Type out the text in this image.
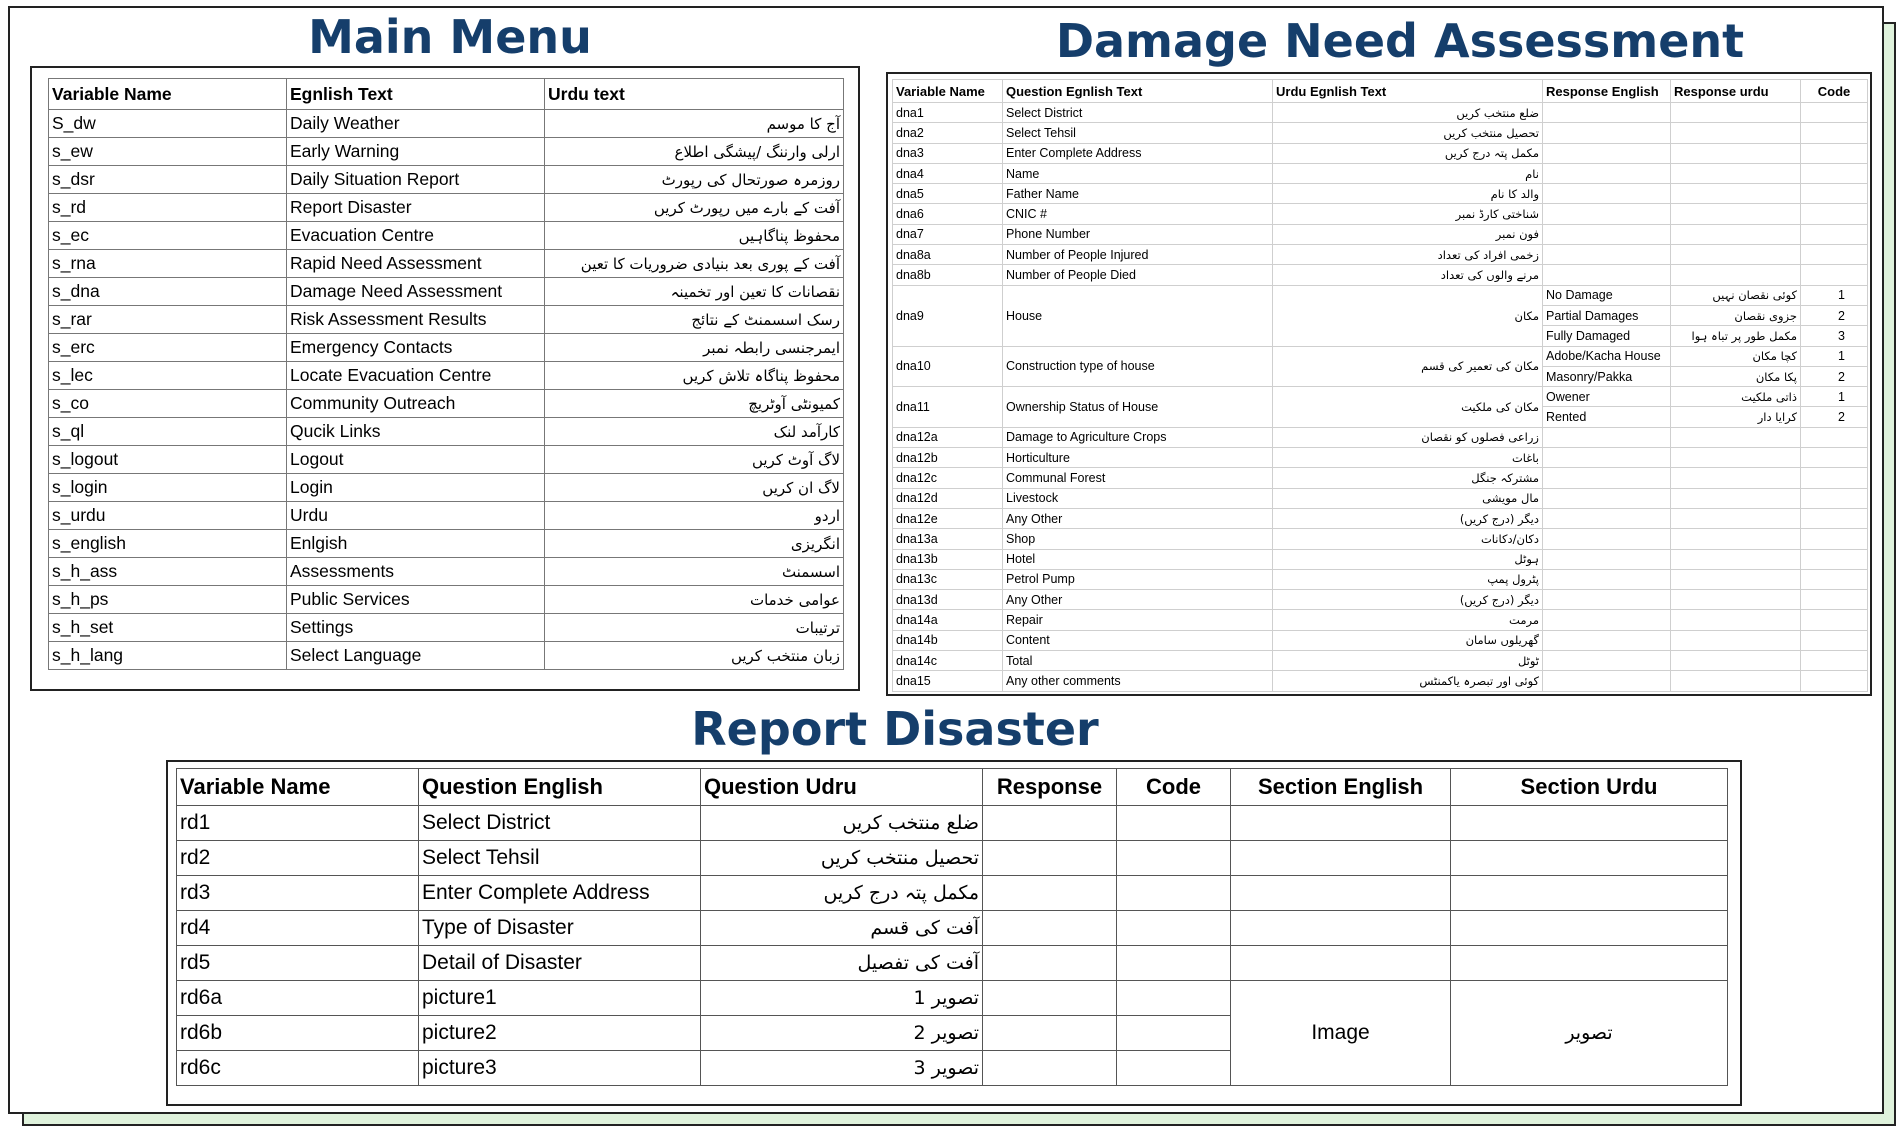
Main Menu
Variable Name	Egnlish Text	Urdu text
S_dw	Daily Weather	آج کا موسم
s_ew	Early Warning	ارلی وارننگ /پیشگی اطلاع
s_dsr	Daily Situation Report	روزمرہ صورتحال کی رپورٹ
s_rd	Report Disaster	آفت کے بارے میں رپورٹ کریں
s_ec	Evacuation Centre	محفوظ پناگاہیں
s_rna	Rapid Need Assessment	آفت کے پوری بعد بنیادی ضروریات کا تعین
s_dna	Damage Need Assessment	نقصانات کا تعین اور تخمینہ
s_rar	Risk Assessment Results	رسک اسسمنٹ کے نتائج
s_erc	Emergency Contacts	ایمرجنسی رابطہ نمبر
s_lec	Locate Evacuation Centre	محفوظ پناگاہ تلاش کریں
s_co	Community Outreach	کمیونٹی آوٹریچ
s_ql	Qucik Links	کارآمد لنک
s_logout	Logout	لاگ آوٹ کریں
s_login	Login	لاگ ان کریں
s_urdu	Urdu	اردو
s_english	Enlgish	انگریزی
s_h_ass	Assessments	اسسمنٹ
s_h_ps	Public Services	عوامی خدمات
s_h_set	Settings	ترتیبات
s_h_lang	Select Language	زبان منتخب کریں
Damage Need Assessment
Variable Name	Question Egnlish Text	Urdu Egnlish Text	Response English	Response urdu	Code
dna1	Select District	ضلع منتخب کریں			
dna2	Select Tehsil	تحصیل منتخب کریں			
dna3	Enter Complete Address	مکمل پتہ درج کریں			
dna4	Name	نام			
dna5	Father Name	والد کا نام			
dna6	CNIC #	شناختی کارڈ نمبر			
dna7	Phone Number	فون نمبر			
dna8a	Number of People Injured	زخمی افراد کی تعداد			
dna8b	Number of People Died	مرنے والوں کی تعداد			
dna9	House	مکان	No Damage	کوئی نقصان نہیں	1
			Partial Damages	جزوی نقصان	2
			Fully Damaged	مکمل طور پر تباہ ہوا	3
dna10	Construction type of house	مکان کی تعمیر کی قسم	Adobe/Kacha House	کچا مکان	1
			Masonry/Pakka	پکا مکان	2
dna11	Ownership Status of House	مکان کی ملکیت	Owener	ذاتی ملکیت	1
			Rented	کرایا دار	2
dna12a	Damage to Agriculture Crops	زراعی فصلوں کو نقصان			
dna12b	Horticulture	باغات			
dna12c	Communal Forest	مشترکہ جنگل			
dna12d	Livestock	مال مویشی			
dna12e	Any Other	دیگر (درج کریں)			
dna13a	Shop	دکان/دکانات			
dna13b	Hotel	ہوٹل			
dna13c	Petrol Pump	پٹرول پمپ			
dna13d	Any Other	دیگر (درج کریں)			
dna14a	Repair	مرمت			
dna14b	Content	گھریلوں سامان			
dna14c	Total	ٹوٹل			
dna15	Any other comments	کوئی اور تبصرہ یاکمنٹس			
Report Disaster
Variable Name	Question English	Question Udru	Response	Code	Section English	Section Urdu
rd1	Select District	ضلع منتخب کریں				
rd2	Select Tehsil	تحصیل منتخب کریں				
rd3	Enter Complete Address	مکمل پتہ درج کریں				
rd4	Type of Disaster	آفت کی قسم				
rd5	Detail of Disaster	آفت کی تفصیل				
rd6a	picture1	تصویر 1			Image	تصویر
rd6b	picture2	تصویر 2				
rd6c	picture3	تصویر 3				
